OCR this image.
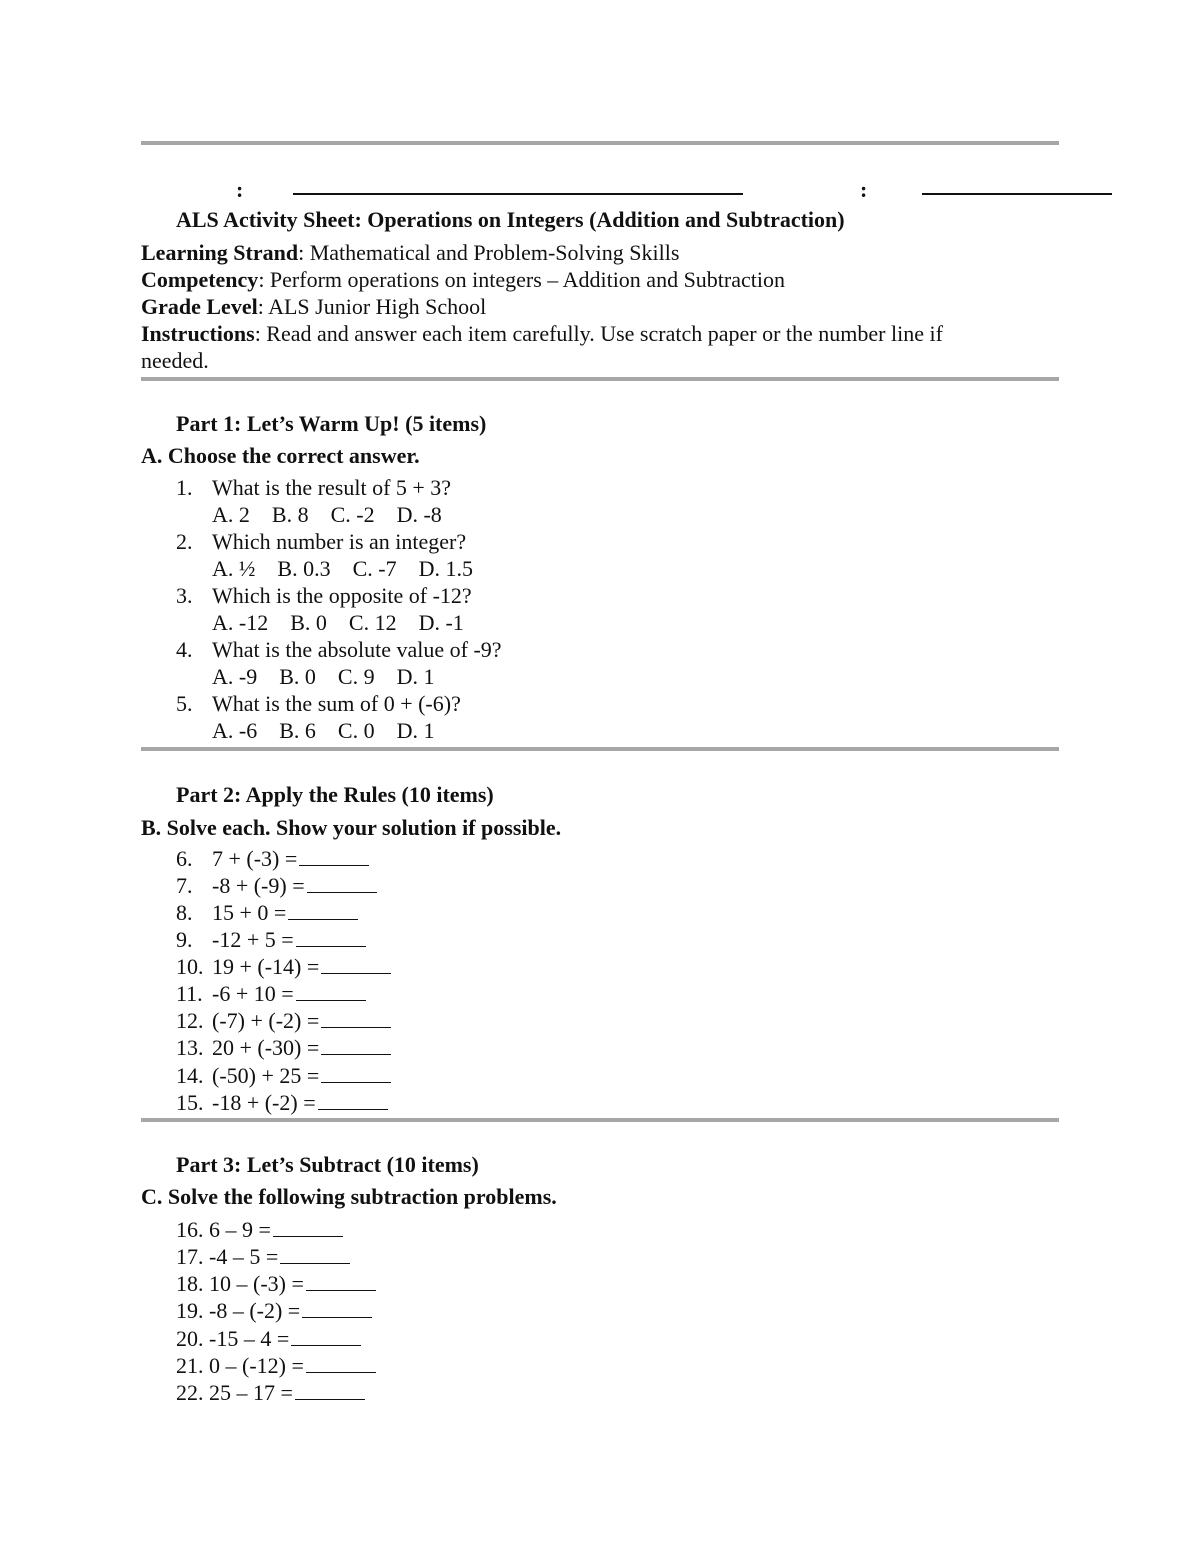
:	:
ALS Activity Sheet: Operations on Integers (Addition and Subtraction)
Learning Strand: Mathematical and Problem-Solving Skills
Competency: Perform operations on integers – Addition and Subtraction
Grade Level: ALS Junior High School
Instructions: Read and answer each item carefully. Use scratch paper or the number line if
needed.
Part 1: Let’s Warm Up! (5 items)
A. Choose the correct answer.
1. What is the result of 5 + 3?
A. 2 B. 8 C. -2 D. -8
2. Which number is an integer?
A. ½ B. 0.3 C. -7 D. 1.5
3. Which is the opposite of -12?
A. -12 B. 0 C. 12 D. -1
4. What is the absolute value of -9?
A. -9 B. 0 C. 9 D. 1
5. What is the sum of 0 + (-6)?
A. -6 B. 6 C. 0 D. 1
Part 2: Apply the Rules (10 items)
B. Solve each. Show your solution if possible.
6. 7 + (-3) =
7. -8 + (-9) =
8. 15 + 0 =
9. -12 + 5 =
10. 19 + (-14) =
11. -6 + 10 =
12. (-7) + (-2) =
13. 20 + (-30) =
14. (-50) + 25 =
15. -18 + (-2) =
Part 3: Let’s Subtract (10 items)
C. Solve the following subtraction problems.
16. 6 – 9 =
17. -4 – 5 =
18. 10 – (-3) =
19. -8 – (-2) =
20. -15 – 4 =
21. 0 – (-12) =
22. 25 – 17 =
